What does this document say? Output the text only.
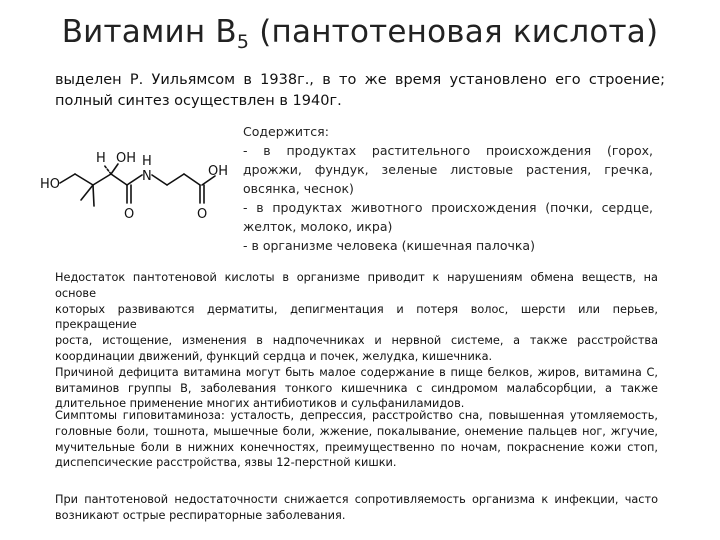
Витамин $B_5$ (пантотеновая кислота)
выделен Р. Уильямсом в 1938г., в то же время установлено его строение;
полный синтез осуществлен в 1940г.
HO
H OH
N
H
O	O
OH
Содержится:
- в продуктах растительного происхождения (горох,
дрожжи, фундук, зеленые листовые растения, гречка,
овсянка, чеснок)
- в продуктах животного происхождения (почки, сердце,
желток, молоко, икра)
- в организме человека (кишечная палочка)
Недостаток пантотеновой кислоты в организме приводит к нарушениям обмена веществ, на основе
которых развиваются дерматиты, депигментация и потеря волос, шерсти или перьев, прекращение
роста, истощение, изменения в надпочечниках и нервной системе, а также расстройства
координации движений, функций сердца и почек, желудка, кишечника.
Причиной дефицита витамина могут быть малое содержание в пище белков, жиров, витамина С,
витаминов группы В, заболевания тонкого кишечника с синдромом малабсорбции, а также
длительное применение многих антибиотиков и сульфаниламидов.
Симптомы гиповитаминоза: усталость, депрессия, расстройство сна, повышенная утомляемость,
головные боли, тошнота, мышечные боли, жжение, покалывание, онемение пальцев ног, жгучие,
мучительные боли в нижних конечностях, преимущественно по ночам, покраснение кожи стоп,
диспепсические расстройства, язвы 12-перстной кишки.
При пантотеновой недостаточности снижается сопротивляемость организма к инфекции, часто
возникают острые респираторные заболевания.
